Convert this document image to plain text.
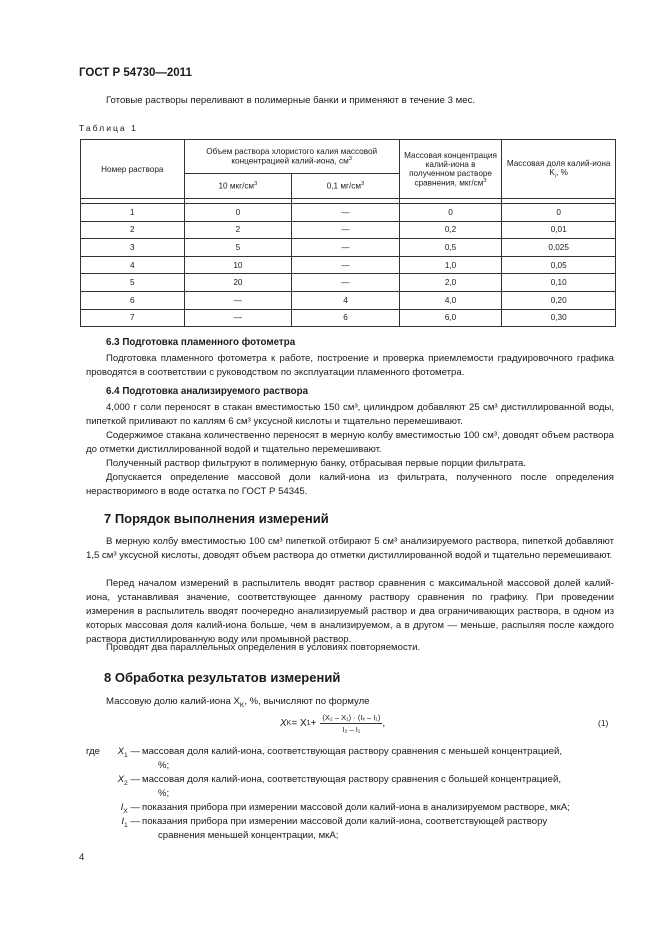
ГОСТ Р 54730—2011
Готовые растворы переливают в полимерные банки и применяют в течение 3 мес.
Таблица 1
Номер раствора	Объем раствора хлористого калия массовой концентрацией калий-иона, $см^3$		Массовая концентрация калий-иона в полученном растворе сравнения, мкг/$см^3$	Массовая доля калий-иона $K_i$, %
	10 мкг/$см^3$	0,1 $мг/см^3$

1	0	—	0	0
2	2	—	0,2	0,01
3	5	—	0,5	0,025
4	10	—	1,0	0,05
5	20	—	2,0	0,10
6	—	4	4,0	0,20
7	—	6	6,0	0,30
6.3 Подготовка пламенного фотометра
Подготовка пламенного фотометра к работе, построение и проверка приемлемости градуировочного графика проводятся в соответствии с руководством по эксплуатации пламенного фотометра.
6.4 Подготовка анализируемого раствора
4,000 г соли переносят в стакан вместимостью 150 см³, цилиндром добавляют 25 см³ дистиллированной воды, пипеткой приливают по каплям 6 см³ уксусной кислоты и тщательно перемешивают.
Содержимое стакана количественно переносят в мерную колбу вместимостью 100 см³, доводят объем раствора до отметки дистиллированной водой и тщательно перемешивают.
Полученный раствор фильтруют в полимерную банку, отбрасывая первые порции фильтрата.
Допускается определение массовой доли калий-иона из фильтрата, полученного после определения нерастворимого в воде остатка по ГОСТ Р 54345.
7 Порядок выполнения измерений
В мерную колбу вместимостью 100 см³ пипеткой отбирают 5 см³ анализируемого раствора, пипеткой добавляют 1,5 см³ уксусной кислоты, доводят объем раствора до отметки дистиллированной водой и тщательно перемешивают.
Перед началом измерений в распылитель вводят раствор сравнения с максимальной массовой долей калий-иона, устанавливая значение, соответствующее данному раствору сравнения по графику. При проведении измерения в распылитель вводят поочередно анализируемый раствор и два ограничивающих раствора, в одном из которых массовая доля калий-иона больше, чем в анализируемом, а в другом — меньше, распыляя после каждого раствора дистиллированную воду или промывной раствор.
Проводят два параллельных определения в условиях повторяемости.
8 Обработка результатов измерений
Массовую долю калий-иона $X_K$, %, вычисляют по формуле
X K = X $1 + \frac{\text{(X₂ – X₁) · (Iₓ – I₁)}}{\text{I₂ – I₁}}$ ,	(1)
где	$X_1$ — массовая доля калий-иона, соответствующая раствору сравнения с меньшей концентрацией,
%;
$X_2$ — массовая доля калий-иона, соответствующая раствору сравнения с большей концентрацией,
%;
$I_X$ — показания прибора при измерении массовой доли калий-иона в анализируемом растворе, мкА;
$I_1$ — показания прибора при измерении массовой доли калий-иона, соответствующей раствору
сравнения меньшей концентрации, мкА;
4
